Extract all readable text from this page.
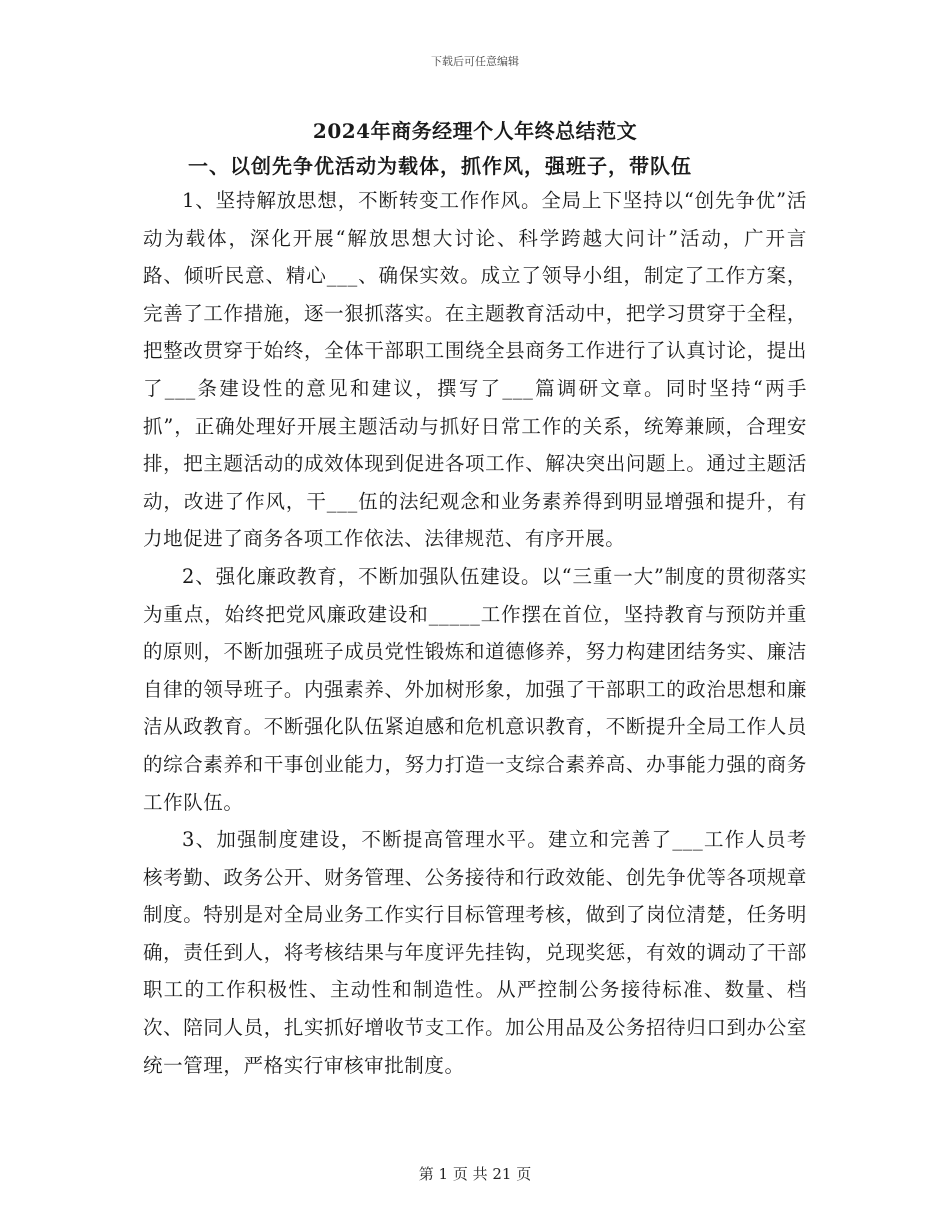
下载后可任意编辑
2024年商务经理个人年终总结范文
一、以创先争优活动为载体，抓作风，强班子，带队伍

1、坚持解放思想，不断转变工作作风。全局上下坚持以“创先争优”活动为载体，深化开展“解放思想大讨论、科学跨越大问计”活动，广开言路、倾听民意、精心___、确保实效。成立了领导小组，制定了工作方案，完善了工作措施，逐一狠抓落实。在主题教育活动中，把学习贯穿于全程，把整改贯穿于始终，全体干部职工围绕全县商务工作进行了认真讨论，提出了___条建设性的意见和建议，撰写了___篇调研文章。同时坚持“两手抓”，正确处理好开展主题活动与抓好日常工作的关系，统筹兼顾，合理安排，把主题活动的成效体现到促进各项工作、解决突出问题上。通过主题活动，改进了作风，干___伍的法纪观念和业务素养得到明显增强和提升，有力地促进了商务各项工作依法、法律规范、有序开展。

2、强化廉政教育，不断加强队伍建设。以“三重一大”制度的贯彻落实为重点，始终把党风廉政建设和_____工作摆在首位，坚持教育与预防并重的原则，不断加强班子成员党性锻炼和道德修养，努力构建团结务实、廉洁自律的领导班子。内强素养、外加树形象，加强了干部职工的政治思想和廉洁从政教育。不断强化队伍紧迫感和危机意识教育，不断提升全局工作人员的综合素养和干事创业能力，努力打造一支综合素养高、办事能力强的商务工作队伍。

3、加强制度建设，不断提高管理水平。建立和完善了___工作人员考核考勤、政务公开、财务管理、公务接待和行政效能、创先争优等各项规章制度。特别是对全局业务工作实行目标管理考核，做到了岗位清楚，任务明确，责任到人，将考核结果与年度评先挂钩，兑现奖惩，有效的调动了干部职工的工作积极性、主动性和制造性。从严控制公务接待标准、数量、档次、陪同人员，扎实抓好增收节支工作。加公用品及公务招待归口到办公室统一管理，严格实行审核审批制度。

第 1 页 共 21 页
